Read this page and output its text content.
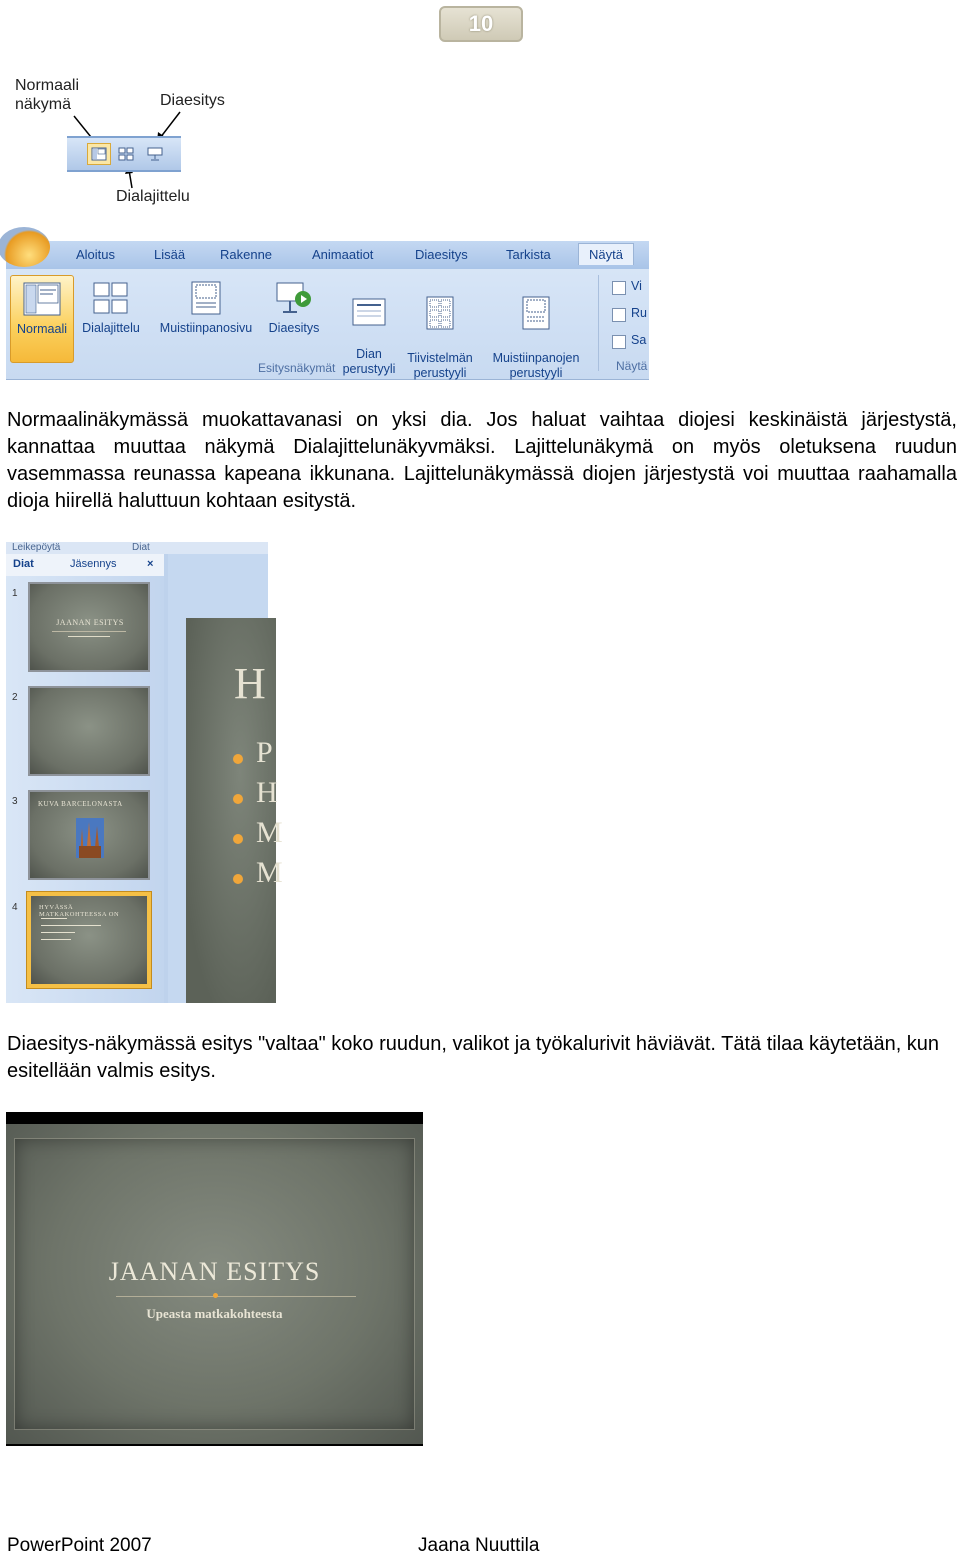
10
Normaali
näkymä	Diaesitys
Dialajittelu
Aloitus	Lisää	Rakenne	Animaatiot	Diaesitys	Tarkista	Näytä
Normaali	Dialajittelu	Muistiinpanosivu	Diaesitys

Dian
perustyyli

Tiivistelmän
perustyyli

Muistiinpanojen
perustyyli

Esitysnäkymät
Vi
Ru
Sa
Näytä
Normaalinäkymässä muokattavanasi on yksi dia. Jos haluat vaihtaa diojesi keskinäistä järjestystä, kannattaa muuttaa näkymä Dialajittelunäkyvmäksi. Lajittelunäkymä on myös oletuksena ruudun vasemmassa reunassa kapeana ikkunana. Lajittelunäkymässä diojen järjestystä voi muuttaa raahamalla dioja hiirellä haluttuun kohtaan esitystä.
Leikepöytä	Diat
Diat	Jäsennys	×
1
JAANAN ESITYS
2
3	KUVA BARCELONASTA
4	HYVÄSSÄ MATKAKOHTEESSA ON
H
P
H
M
M
Diaesitys-näkymässä esitys "valtaa" koko ruudun, valikot ja työkalurivit häviävät. Tätä tilaa käytetään, kun esitellään valmis esitys.
JAANAN ESITYS
Upeasta matkakohteesta
PowerPoint 2007	Jaana Nuuttila
